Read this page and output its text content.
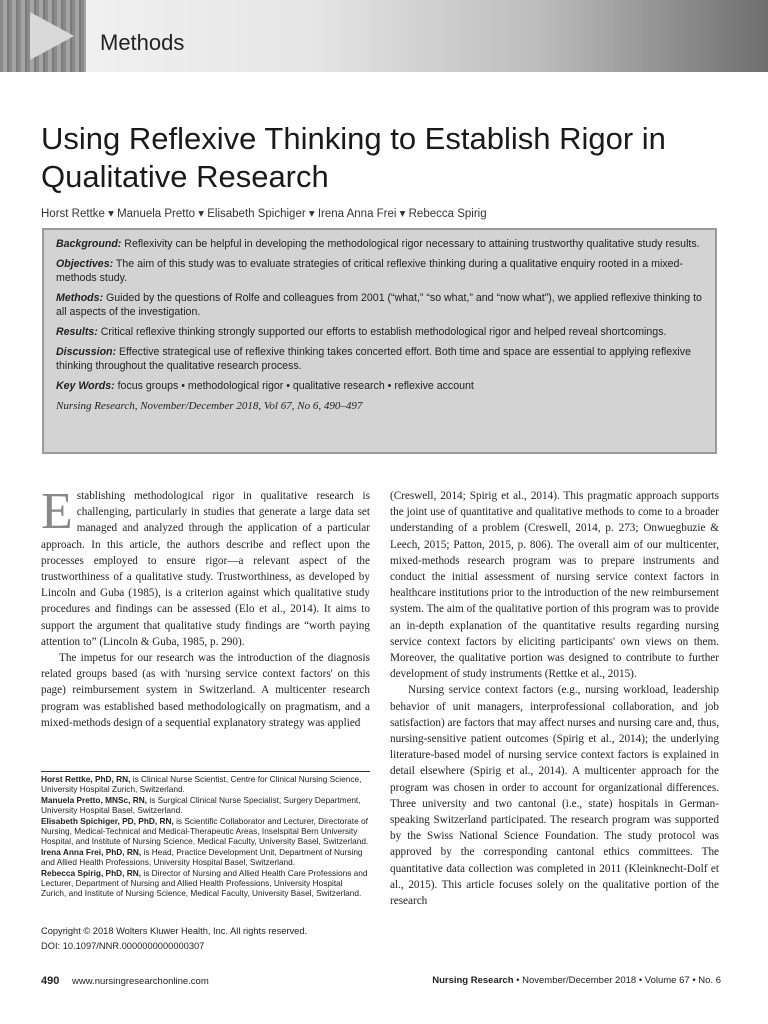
Methods
Using Reflexive Thinking to Establish Rigor in Qualitative Research
Horst Rettke ▾ Manuela Pretto ▾ Elisabeth Spichiger ▾ Irena Anna Frei ▾ Rebecca Spirig

Background: Reflexivity can be helpful in developing the methodological rigor necessary to attaining trustworthy qualitative study results.

Objectives: The aim of this study was to evaluate strategies of critical reflexive thinking during a qualitative enquiry rooted in a mixed-methods study.

Methods: Guided by the questions of Rolfe and colleagues from 2001 (“what,” “so what,” and “now what”), we applied reflexive thinking to all aspects of the investigation.

Results: Critical reflexive thinking strongly supported our efforts to establish methodological rigor and helped reveal shortcomings.

Discussion: Effective strategical use of reflexive thinking takes concerted effort. Both time and space are essential to applying reflexive thinking throughout the qualitative research process.

Key Words: focus groups • methodological rigor • qualitative research • reflexive account

Nursing Research, November/December 2018, Vol 67, No 6, 490–497

Establishing methodological rigor in qualitative research is challenging, particularly in studies that generate a large data set managed and analyzed through the application of a particular approach. In this article, the authors describe and reflect upon the processes employed to ensure rigor—a relevant aspect of the trustworthiness of a qualitative study. Trustworthiness, as developed by Lincoln and Guba (1985), is a criterion against which qualitative study procedures and findings can be assessed (Elo et al., 2014). It aims to support the argument that qualitative study findings are “worth paying attention to” (Lincoln & Guba, 1985, p. 290).

The impetus for our research was the introduction of the diagnosis related groups based (as with 'nursing service context factors' on this page) reimbursement system in Switzerland. A multicenter research program was established based methodologically on pragmatism, and a mixed-methods design of a sequential explanatory strategy was applied

Horst Rettke, PhD, RN, is Clinical Nurse Scientist, Centre for Clinical Nursing Science, University Hospital Zurich, Switzerland.

Manuela Pretto, MNSc, RN, is Surgical Clinical Nurse Specialist, Surgery Department, University Hospital Basel, Switzerland.

Elisabeth Spichiger, PD, PhD, RN, is Scientific Collaborator and Lecturer, Directorate of Nursing, Medical-Technical and Medical-Therapeutic Areas, Inselspital Bern University Hospital, and Institute of Nursing Science, Medical Faculty, University Basel, Switzerland.

Irena Anna Frei, PhD, RN, is Head, Practice Development Unit, Department of Nursing and Allied Health Professions, University Hospital Basel, Switzerland.

Rebecca Spirig, PhD, RN, is Director of Nursing and Allied Health Care Professions and Lecturer, Department of Nursing and Allied Health Professions, University Hospital Zurich, and Institute of Nursing Science, Medical Faculty, University Basel, Switzerland.

Copyright © 2018 Wolters Kluwer Health, Inc. All rights reserved.
DOI: 10.1097/NNR.0000000000000307

(Creswell, 2014; Spirig et al., 2014). This pragmatic approach supports the joint use of quantitative and qualitative methods to come to a broader understanding of a problem (Creswell, 2014, p. 273; Onwuegbuzie & Leech, 2015; Patton, 2015, p. 806). The overall aim of our multicenter, mixed-methods research program was to prepare instruments and conduct the initial assessment of nursing service context factors in healthcare institutions prior to the introduction of the new reimbursement system. The aim of the qualitative portion of this program was to provide an in-depth explanation of the quantitative results regarding nursing service context factors by eliciting participants' own views on them. Moreover, the qualitative portion was designed to contribute to further development of study instruments (Rettke et al., 2015).

Nursing service context factors (e.g., nursing workload, leadership behavior of unit managers, interprofessional collaboration, and job satisfaction) are factors that may affect nurses and nursing care and, thus, nursing-sensitive patient outcomes (Spirig et al., 2014); the underlying literature-based model of nursing service context factors is explained in detail elsewhere (Spirig et al., 2014). A multicenter approach for the program was chosen in order to account for organizational differences. Three university and two cantonal (i.e., state) hospitals in German-speaking Switzerland participated. The research program was supported by the Swiss National Science Foundation. The study protocol was approved by the corresponding cantonal ethics committees. The quantitative data collection was completed in 2011 (Kleinknecht-Dolf et al., 2015). This article focuses solely on the qualitative portion of the research

490 www.nursingresearchonline.com	Nursing Research • November/December 2018 • Volume 67 • No. 6
